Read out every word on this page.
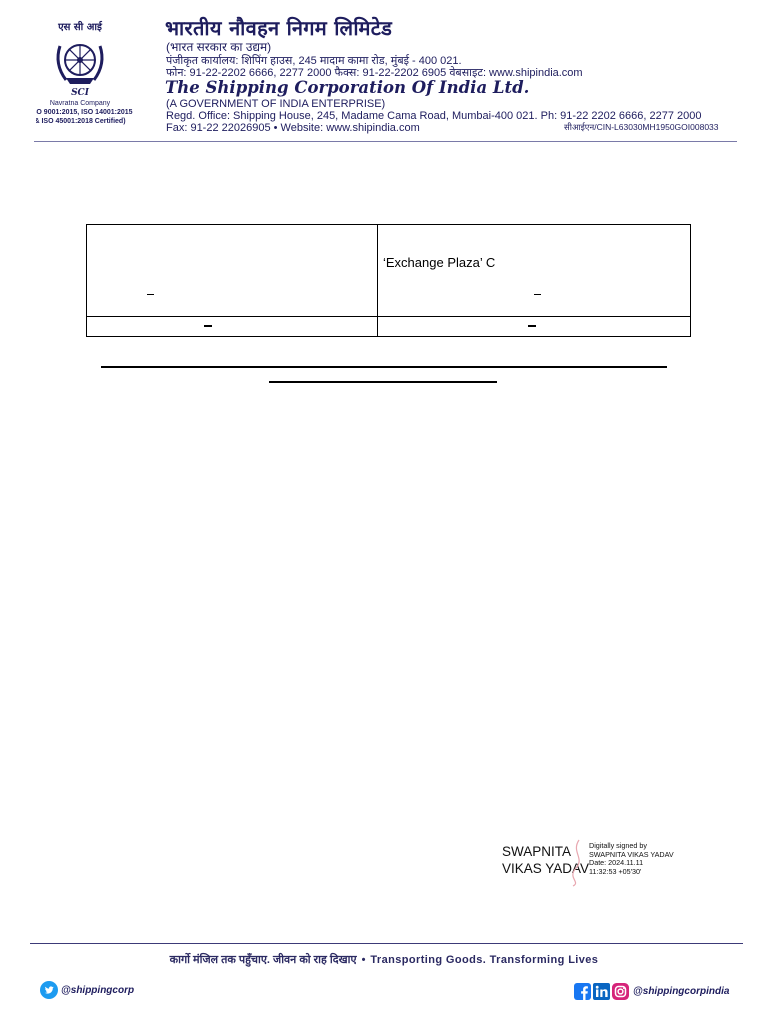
एस सी आई
SCI
Navratna Company
(ISO 9001:2015, ISO 14001:2015
& ISO 45001:2018 Certified)
भारतीय नौवहन निगम लिमिटेड
(भारत सरकार का उद्यम)
पंजीकृत कार्यालय: शिपिंग हाउस, 245 मादाम कामा रोड, मुंबई - 400 021.
फोन: 91-22-2202 6666, 2277 2000 फैक्स: 91-22-2202 6905 वेबसाइट: www.shipindia.com
The Shipping Corporation Of India Ltd.
(A GOVERNMENT OF INDIA ENTERPRISE)
Regd. Office: Shipping House, 245, Madame Cama Road, Mumbai-400 021. Ph: 91-22 2202 6666, 2277 2000
Fax: 91-22 22026905 • Website: www.shipindia.com	सीआईएन/CIN-L63030MH1950GOI008033
‘Exchange Plaza’ C
SWAPNITA
VIKAS YADAV
Digitally signed by
SWAPNITA VIKAS YADAV
Date: 2024.11.11
11:32:53 +05'30'
कार्गो मंजिल तक पहुँचाए. जीवन को राह दिखाए • Transporting Goods. Transforming Lives
@shippingcorp	@shippingcorpindia
